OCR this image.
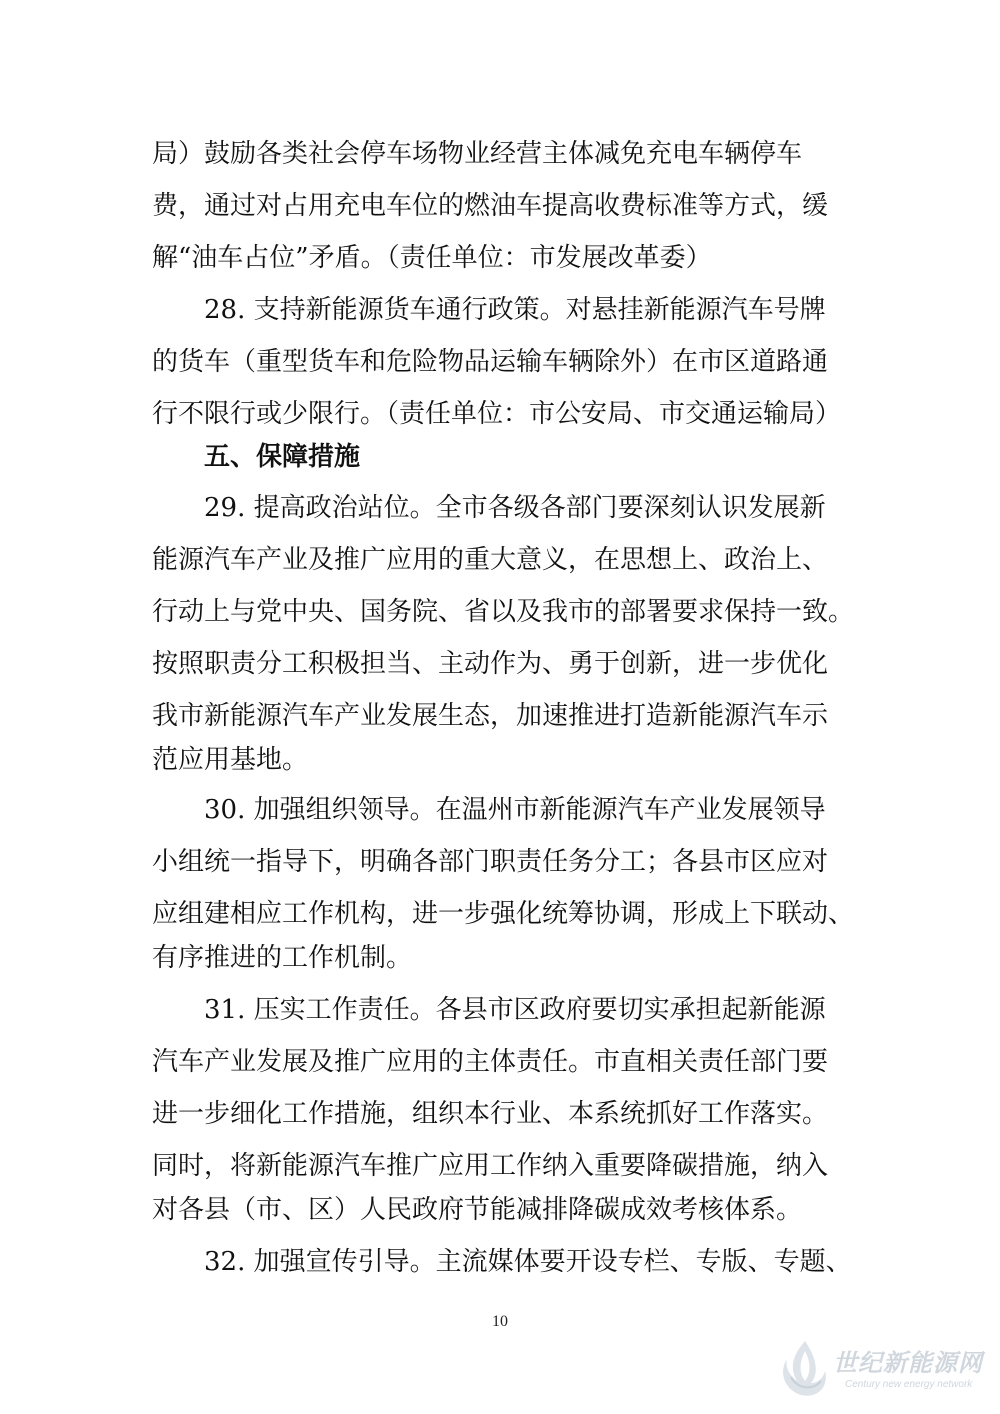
局）鼓励各类社会停车场物业经营主体减免充电车辆停车
费，通过对占用充电车位的燃油车提高收费标准等方式，缓
解“油车占位”矛盾。（责任单位：市发展改革委）
28. 支持新能源货车通行政策。对悬挂新能源汽车号牌
的货车（重型货车和危险物品运输车辆除外）在市区道路通
行不限行或少限行。（责任单位：市公安局、市交通运输局）
五、保障措施
29. 提高政治站位。全市各级各部门要深刻认识发展新
能源汽车产业及推广应用的重大意义，在思想上、政治上、
行动上与党中央、国务院、省以及我市的部署要求保持一致。
按照职责分工积极担当、主动作为、勇于创新，进一步优化
我市新能源汽车产业发展生态，加速推进打造新能源汽车示
范应用基地。
30. 加强组织领导。在温州市新能源汽车产业发展领导
小组统一指导下，明确各部门职责任务分工；各县市区应对
应组建相应工作机构，进一步强化统筹协调，形成上下联动、
有序推进的工作机制。
31. 压实工作责任。各县市区政府要切实承担起新能源
汽车产业发展及推广应用的主体责任。市直相关责任部门要
进一步细化工作措施，组织本行业、本系统抓好工作落实。
同时，将新能源汽车推广应用工作纳入重要降碳措施，纳入
对各县（市、区）人民政府节能减排降碳成效考核体系。
32. 加强宣传引导。主流媒体要开设专栏、专版、专题、
10
世纪新能源网
Century new energy network
